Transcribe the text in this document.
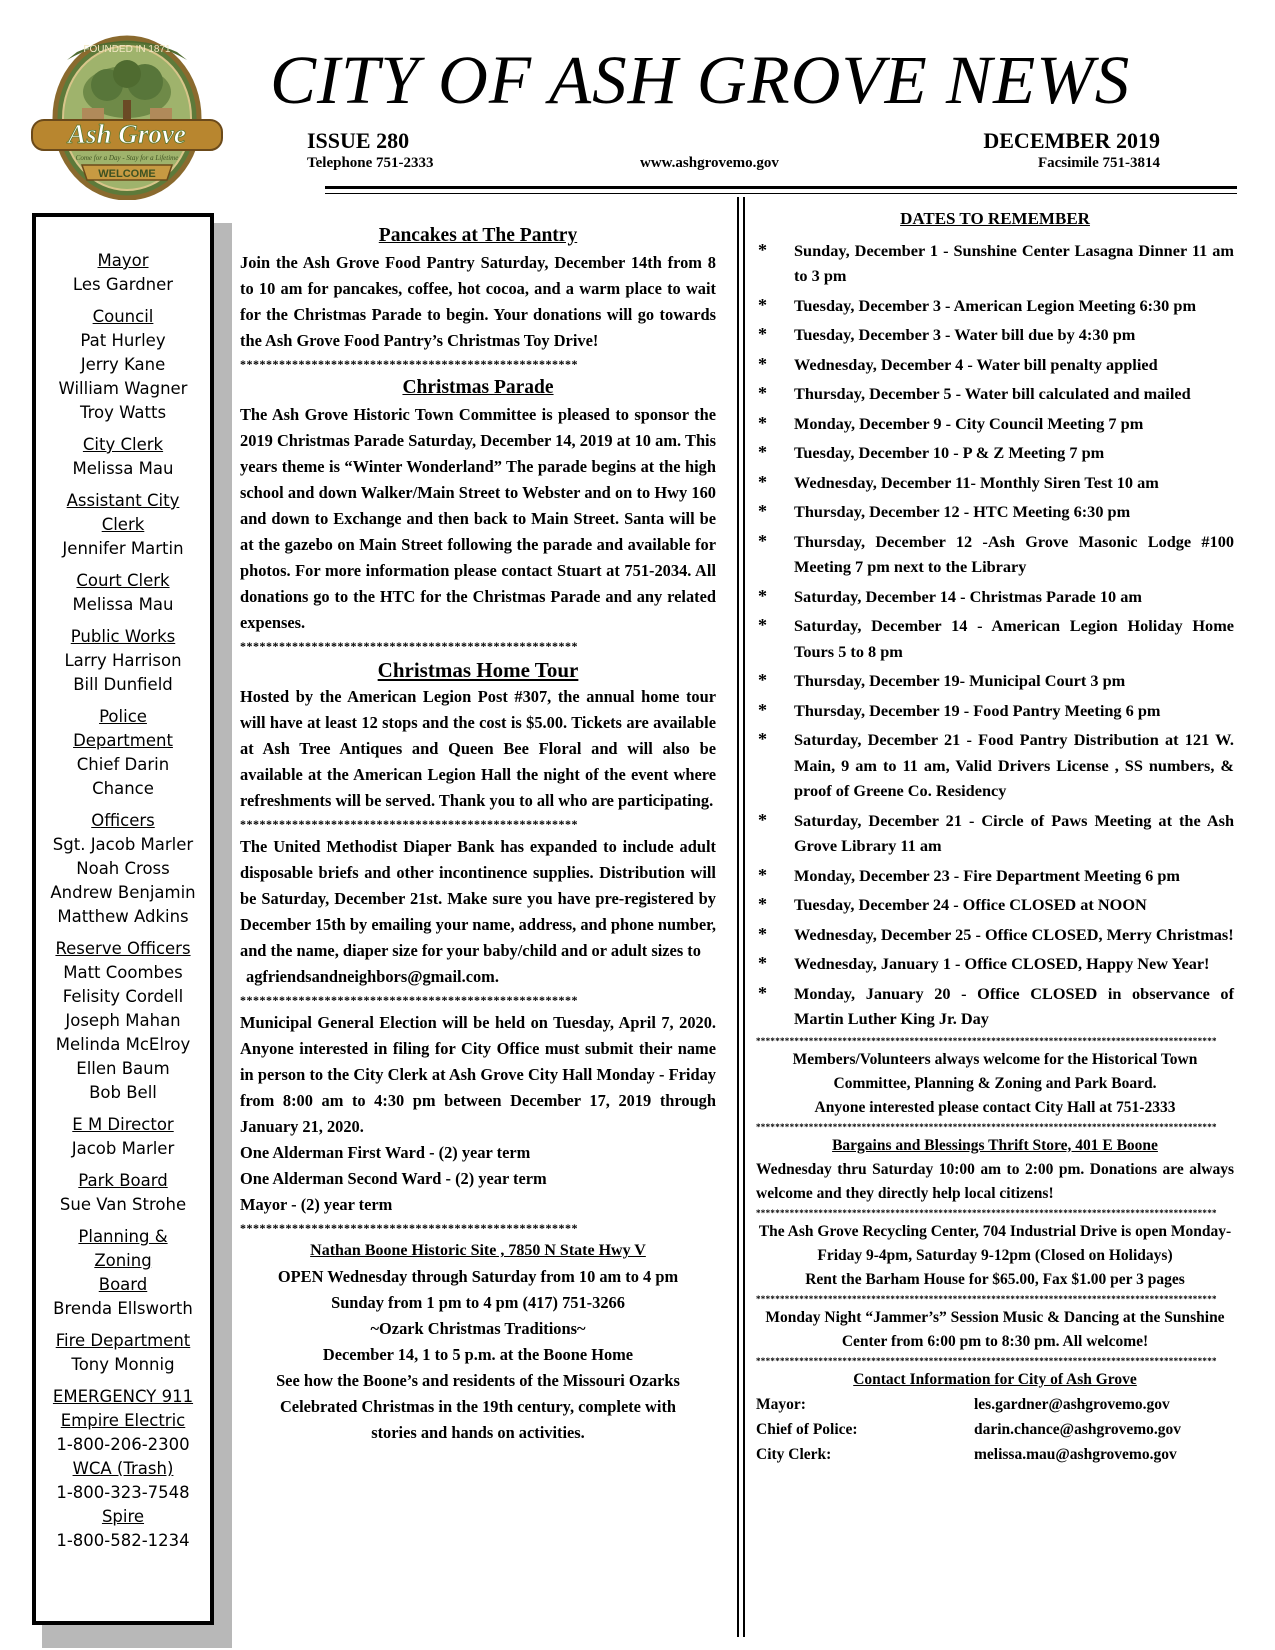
FOUNDED IN 1871
Ash Grove
Come for a Day - Stay for a Lifetime
WELCOME
CITY OF ASH GROVE NEWS
ISSUE 280	DECEMBER 2019
Telephone 751-2333	www.ashgrovemo.gov	Facsimile 751-3814
Mayor
Les Gardner
Council
Pat Hurley
Jerry Kane
William Wagner
Troy Watts
City Clerk
Melissa Mau
Assistant City Clerk
Jennifer Martin
Court Clerk
Melissa Mau
Public Works
Larry Harrison
Bill Dunfield
Police Department
Chief Darin Chance
Officers
Sgt. Jacob Marler
Noah Cross
Andrew Benjamin
Matthew Adkins
Reserve Officers
Matt Coombes
Felisity Cordell
Joseph Mahan
Melinda McElroy
Ellen Baum
Bob Bell
E M Director
Jacob Marler
Park Board
Sue Van Strohe
Planning & Zoning Board
Brenda Ellsworth
Fire Department
Tony Monnig
EMERGENCY 911
Empire Electric
1-800-206-2300
WCA (Trash)
1-800-323-7548
Spire
1-800-582-1234

Pancakes at The Pantry

Join the Ash Grove Food Pantry Saturday, December 14th from 8 to 10 am for pancakes, coffee, hot cocoa, and a warm place to wait for the Christmas Parade to begin. Your donations will go towards the Ash Grove Food Pantry’s Christmas Toy Drive!

****************************************************

Christmas Parade

The Ash Grove Historic Town Committee is pleased to sponsor the 2019 Christmas Parade Saturday, December 14, 2019 at 10 am. This years theme is “Winter Wonderland” The parade begins at the high school and down Walker/Main Street to Webster and on to Hwy 160 and down to Exchange and then back to Main Street. Santa will be at the gazebo on Main Street following the parade and available for photos. For more information please contact Stuart at 751-2034. All donations go to the HTC for the Christmas Parade and any related expenses.

****************************************************

Christmas Home Tour

Hosted by the American Legion Post #307, the annual home tour will have at least 12 stops and the cost is $5.00. Tickets are available at Ash Tree Antiques and Queen Bee Floral and will also be available at the American Legion Hall the night of the event where refreshments will be served. Thank you to all who are participating.

****************************************************

The United Methodist Diaper Bank has expanded to include adult disposable briefs and other incontinence supplies. Distribution will be Saturday, December 21st. Make sure you have pre-registered by December 15th by emailing your name, address, and phone number, and the name, diaper size for your baby/child and or adult sizes to

agfriendsandneighbors@gmail.com.

****************************************************

Municipal General Election will be held on Tuesday, April 7, 2020. Anyone interested in filing for City Office must submit their name in person to the City Clerk at Ash Grove City Hall Monday - Friday from 8:00 am to 4:30 pm between December 17, 2019 through January 21, 2020.

One Alderman First Ward - (2) year term

One Alderman Second Ward - (2) year term

Mayor - (2) year term

****************************************************

Nathan Boone Historic Site , 7850 N State Hwy V

OPEN Wednesday through Saturday from 10 am to 4 pm

Sunday from 1 pm to 4 pm (417) 751-3266

~Ozark Christmas Traditions~

December 14, 1 to 5 p.m. at the Boone Home

See how the Boone’s and residents of the Missouri Ozarks Celebrated Christmas in the 19th century, complete with stories and hands on activities.

DATES TO REMEMBER
*	Sunday, December 1 - Sunshine Center Lasagna Dinner 11 am to 3 pm
*	Tuesday, December 3 - American Legion Meeting 6:30 pm
*	Tuesday, December 3 - Water bill due by 4:30 pm
*	Wednesday, December 4 - Water bill penalty applied
*	Thursday, December 5 - Water bill calculated and mailed
*	Monday, December 9 - City Council Meeting 7 pm
*	Tuesday, December 10 - P & Z Meeting 7 pm
*	Wednesday, December 11- Monthly Siren Test 10 am
*	Thursday, December 12 - HTC Meeting 6:30 pm
*	Thursday, December 12 -Ash Grove Masonic Lodge #100 Meeting 7 pm next to the Library
*	Saturday, December 14 - Christmas Parade 10 am
*	Saturday, December 14 - American Legion Holiday Home Tours 5 to 8 pm
*	Thursday, December 19- Municipal Court 3 pm
*	Thursday, December 19 - Food Pantry Meeting 6 pm
*	Saturday, December 21 - Food Pantry Distribution at 121 W. Main, 9 am to 11 am, Valid Drivers License , SS numbers, & proof of Greene Co. Residency
*	Saturday, December 21 - Circle of Paws Meeting at the Ash Grove Library 11 am
*	Monday, December 23 - Fire Department Meeting 6 pm
*	Tuesday, December 24 - Office CLOSED at NOON
*	Wednesday, December 25 - Office CLOSED, Merry Christmas!
*	Wednesday, January 1 - Office CLOSED, Happy New Year!
*	Monday, January 20 - Office CLOSED in observance of Martin Luther King Jr. Day
************************************************************************************************
Members/Volunteers always welcome for the Historical Town Committee, Planning & Zoning and Park Board.
Anyone interested please contact City Hall at 751-2333
************************************************************************************************
Bargains and Blessings Thrift Store, 401 E Boone
Wednesday thru Saturday 10:00 am to 2:00 pm. Donations are always welcome and they directly help local citizens!
************************************************************************************************
The Ash Grove Recycling Center, 704 Industrial Drive is open Monday-Friday 9-4pm, Saturday 9-12pm (Closed on Holidays)
Rent the Barham House for $65.00, Fax $1.00 per 3 pages
************************************************************************************************
Monday Night “Jammer’s” Session Music & Dancing at the Sunshine Center from 6:00 pm to 8:30 pm. All welcome!
************************************************************************************************
Contact Information for City of Ash Grove
Mayor:	les.gardner@ashgrovemo.gov
Chief of Police:	darin.chance@ashgrovemo.gov
City Clerk:	melissa.mau@ashgrovemo.gov
